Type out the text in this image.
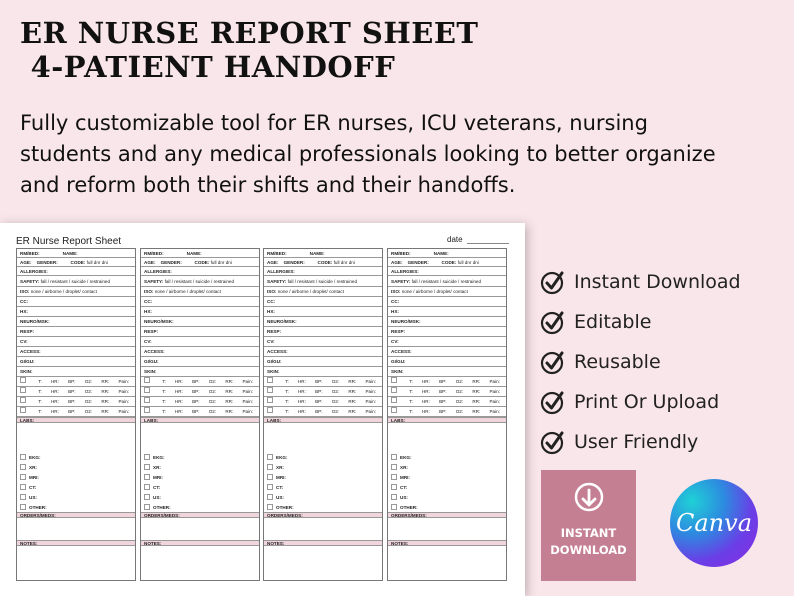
ER NURSE REPORT SHEET
4-PATIENT HANDOFF

Fully customizable tool for ER nurses, ICU veterans, nursing students and any medical professionals looking to better organize and reform both their shifts and their handoffs.

ER Nurse Report Sheet	date
RM/BED:	NAME:
AGE: GENDER:	CODE: full dnr dni
ALLERGIES:
SAFETY: fall / resistant / suicide / restrained
ISO: none / airborne / droplet/ contact
CC:
HX:
NEURO/MSK:
RESP:
CV:
ACCESS:
GI/GU:
SKIN:
T: HR: BP: O2: RR: Pain:
T: HR: BP: O2: RR: Pain:
T: HR: BP: O2: RR: Pain:
T: HR: BP: O2: RR: Pain:
LABS:
EKG:
XR:
MRI:
CT:
US:
OTHER:
ORDERS/MEDS:
NOTES:
RM/BED:	NAME:
AGE: GENDER:	CODE: full dnr dni
ALLERGIES:
SAFETY: fall / resistant / suicide / restrained
ISO: none / airborne / droplet/ contact
CC:
HX:
NEURO/MSK:
RESP:
CV:
ACCESS:
GI/GU:
SKIN:
T: HR: BP: O2: RR: Pain:
T: HR: BP: O2: RR: Pain:
T: HR: BP: O2: RR: Pain:
T: HR: BP: O2: RR: Pain:
LABS:
EKG:
XR:
MRI:
CT:
US:
OTHER:
ORDERS/MEDS:
NOTES:
RM/BED:	NAME:
AGE: GENDER:	CODE: full dnr dni
ALLERGIES:
SAFETY: fall / resistant / suicide / restrained
ISO: none / airborne / droplet/ contact
CC:
HX:
NEURO/MSK:
RESP:
CV:
ACCESS:
GI/GU:
SKIN:
T: HR: BP: O2: RR: Pain:
T: HR: BP: O2: RR: Pain:
T: HR: BP: O2: RR: Pain:
T: HR: BP: O2: RR: Pain:
LABS:
EKG:
XR:
MRI:
CT:
US:
OTHER:
ORDERS/MEDS:
NOTES:
RM/BED:	NAME:
AGE: GENDER:	CODE: full dnr dni
ALLERGIES:
SAFETY: fall / resistant / suicide / restrained
ISO: none / airborne / droplet/ contact
CC:
HX:
NEURO/MSK:
RESP:
CV:
ACCESS:
GI/GU:
SKIN:
T: HR: BP: O2: RR: Pain:
T: HR: BP: O2: RR: Pain:
T: HR: BP: O2: RR: Pain:
T: HR: BP: O2: RR: Pain:
LABS:
EKG:
XR:
MRI:
CT:
US:
OTHER:
ORDERS/MEDS:
NOTES:
Instant Download
Editable
Reusable
Print Or Upload
User Friendly
INSTANT
DOWNLOAD
Canva
